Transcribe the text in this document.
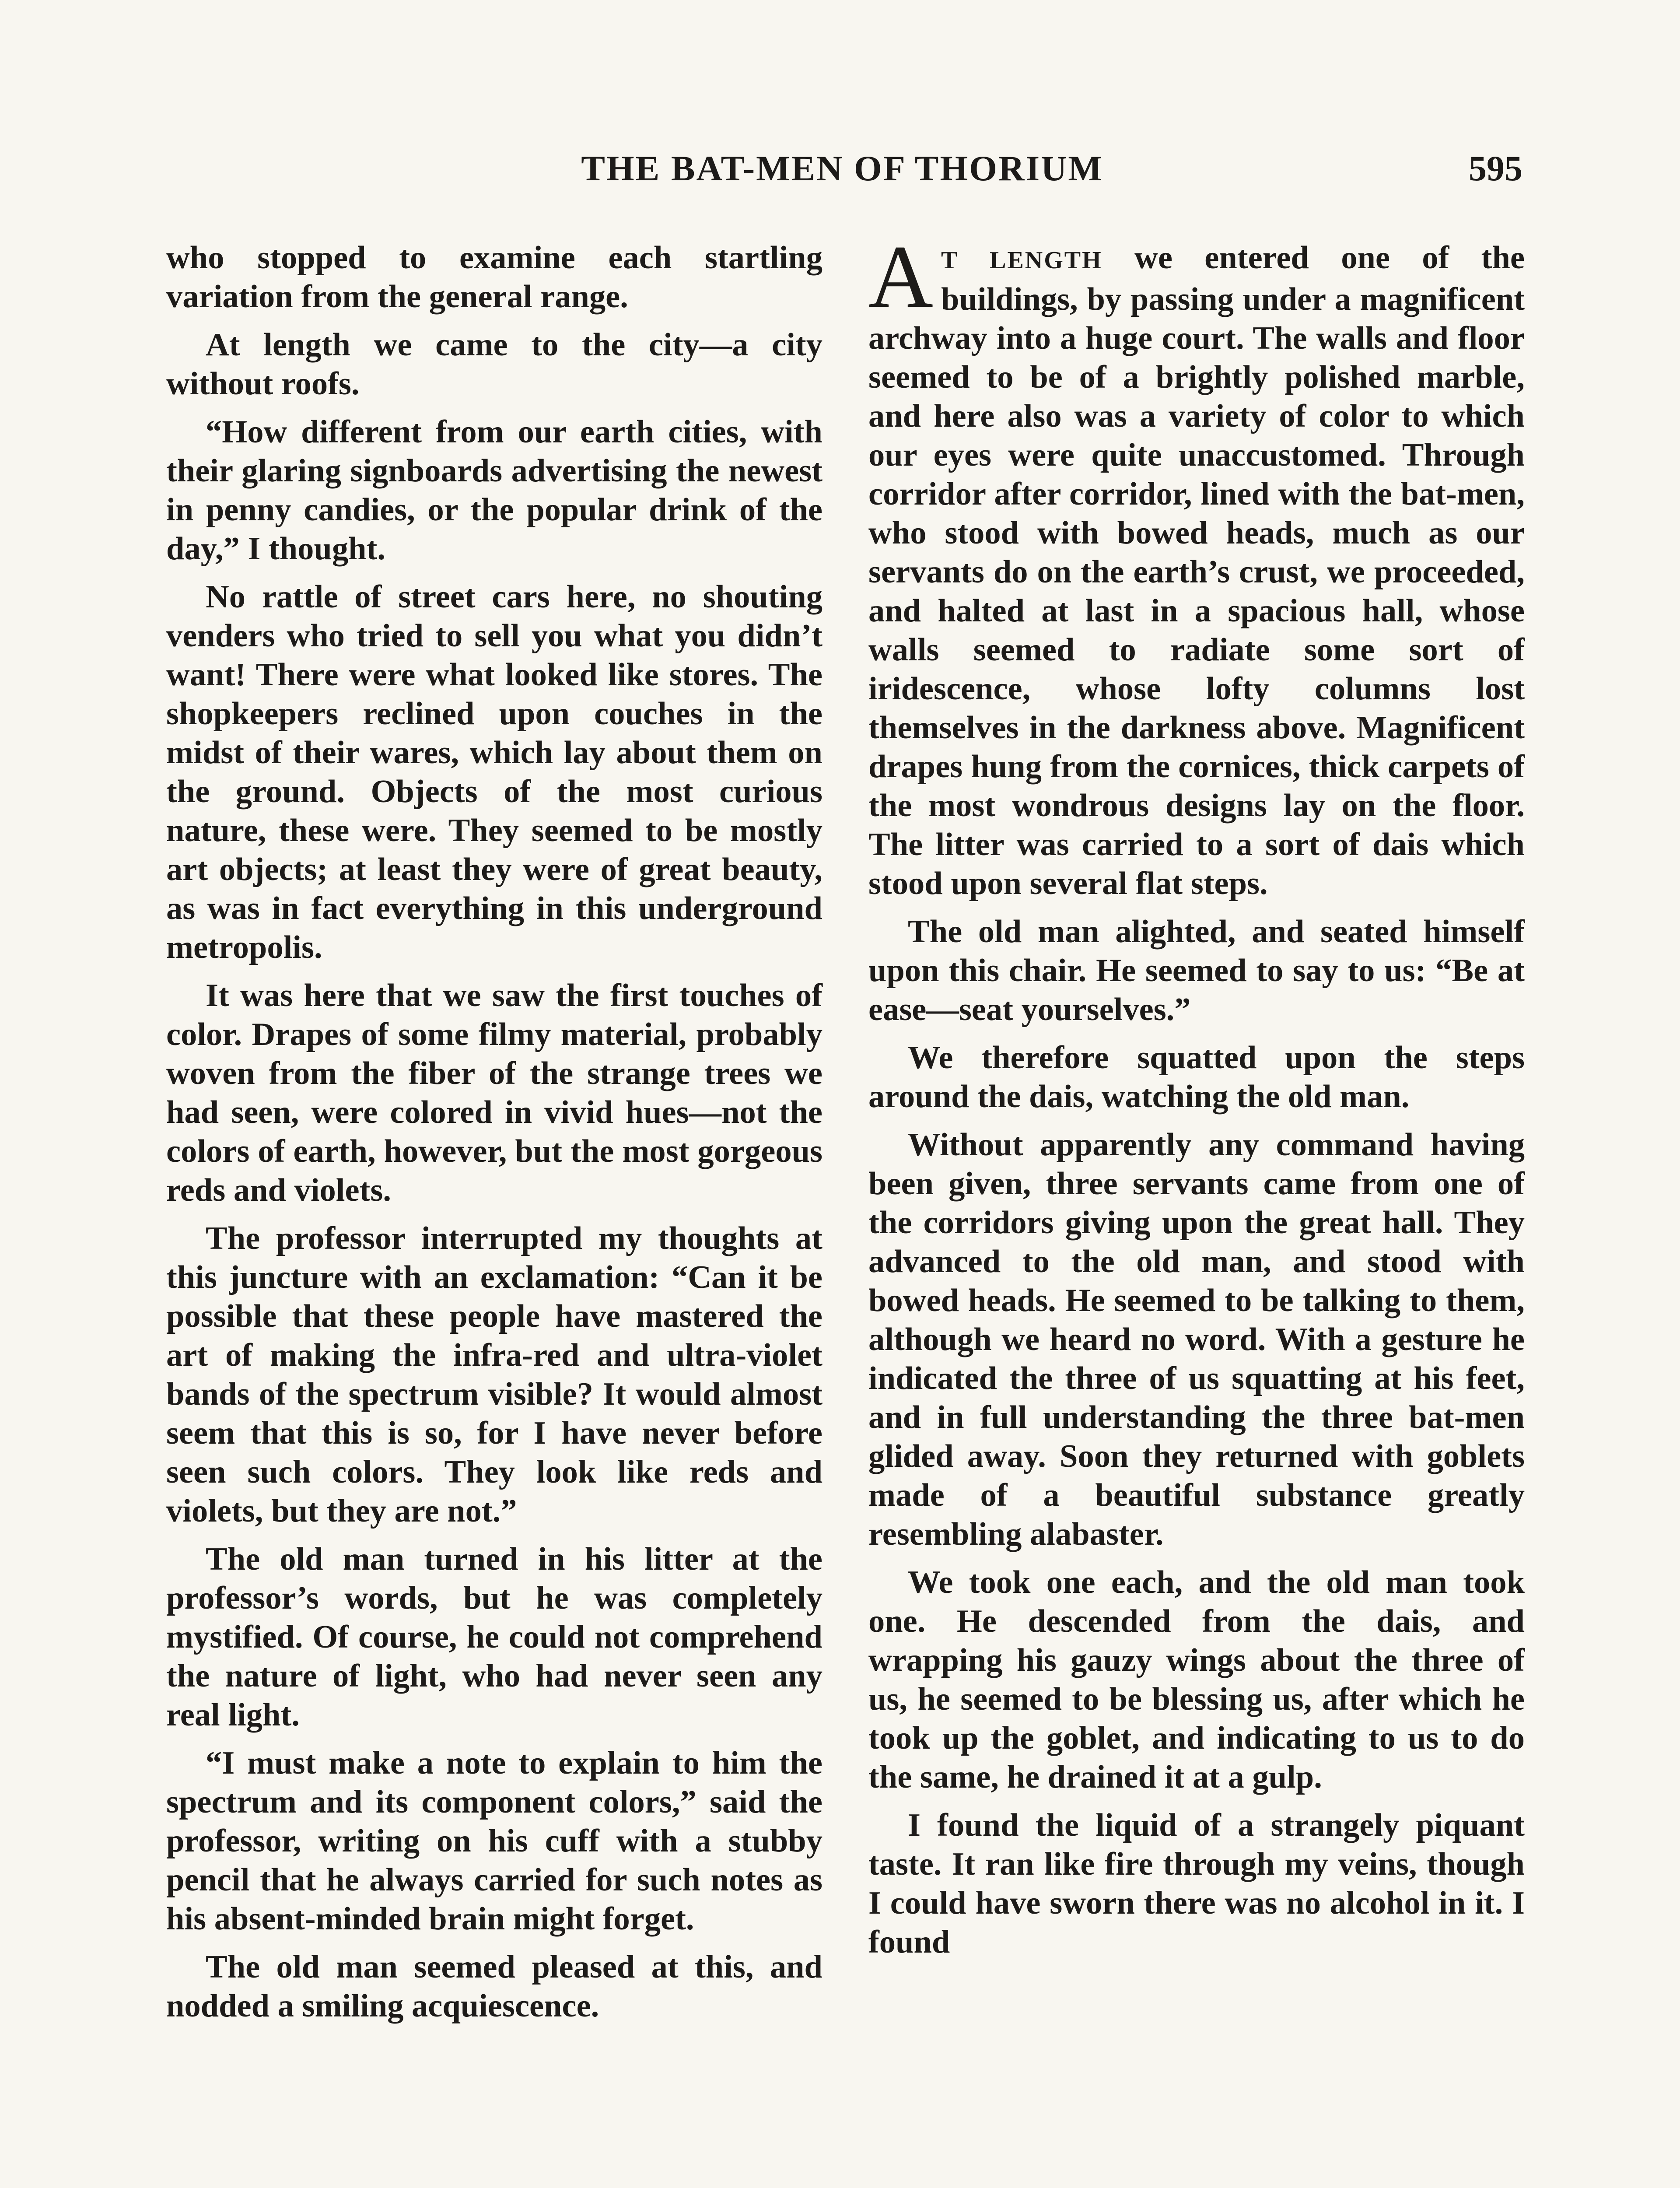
THE BAT-MEN OF THORIUM	595

who stopped to examine each startling variation from the general range.

At length we came to the city—a city without roofs.

“How different from our earth cities, with their glaring signboards advertising the newest in penny candies, or the popular drink of the day,” I thought.

No rattle of street cars here, no shouting venders who tried to sell you what you didn’t want! There were what looked like stores. The shopkeepers reclined upon couches in the midst of their wares, which lay about them on the ground. Objects of the most curious nature, these were. They seemed to be mostly art objects; at least they were of great beauty, as was in fact everything in this underground metropolis.

It was here that we saw the first touches of color. Drapes of some filmy material, probably woven from the fiber of the strange trees we had seen, were colored in vivid hues—not the colors of earth, however, but the most gorgeous reds and violets.

The professor interrupted my thoughts at this juncture with an exclamation: “Can it be possible that these people have mastered the art of making the infra-red and ultra-violet bands of the spectrum visible? It would almost seem that this is so, for I have never before seen such colors. They look like reds and violets, but they are not.”

The old man turned in his litter at the professor’s words, but he was completely mystified. Of course, he could not comprehend the nature of light, who had never seen any real light.

“I must make a note to explain to him the spectrum and its component colors,” said the professor, writing on his cuff with a stubby pencil that he always carried for such notes as his absent-minded brain might forget.

The old man seemed pleased at this, and nodded a smiling acquiescence.

A T LENGTH we entered one of the buildings, by passing under a magnificent archway into a huge court. The walls and floor seemed to be of a brightly polished marble, and here also was a variety of color to which our eyes were quite unaccustomed. Through corridor after corridor, lined with the bat-men, who stood with bowed heads, much as our servants do on the earth’s crust, we proceeded, and halted at last in a spacious hall, whose walls seemed to radiate some sort of iridescence, whose lofty columns lost themselves in the darkness above. Magnificent drapes hung from the cornices, thick carpets of the most wondrous designs lay on the floor. The litter was carried to a sort of dais which stood upon several flat steps.

The old man alighted, and seated himself upon this chair. He seemed to say to us: “Be at ease—seat yourselves.”

We therefore squatted upon the steps around the dais, watching the old man.

Without apparently any command having been given, three servants came from one of the corridors giving upon the great hall. They advanced to the old man, and stood with bowed heads. He seemed to be talking to them, although we heard no word. With a gesture he indicated the three of us squatting at his feet, and in full understanding the three bat-men glided away. Soon they returned with goblets made of a beautiful substance greatly resembling alabaster.

We took one each, and the old man took one. He descended from the dais, and wrapping his gauzy wings about the three of us, he seemed to be blessing us, after which he took up the goblet, and indicating to us to do the same, he drained it at a gulp.

I found the liquid of a strangely piquant taste. It ran like fire through my veins, though I could have sworn there was no alcohol in it. I found
